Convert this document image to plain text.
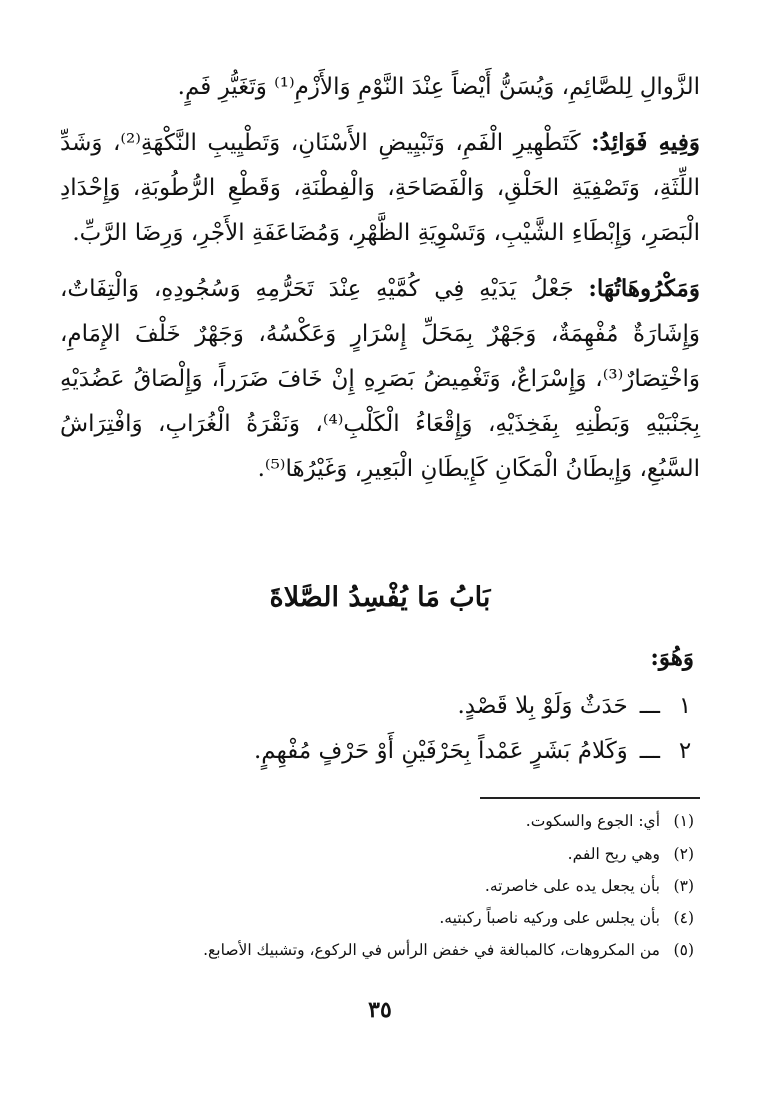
الزَّوالِ لِلصَّائِمِ، وَيُسَنُّ أَيْضاً عِنْدَ النَّوْمِ وَالأَزْمِ⁽¹⁾ وَتَغَيُّرِ فَمٍ.

وَفِيهِ فَوَائِدُ: كَتَطْهِيرِ الْفَمِ، وَتَبْيِيضِ الأَسْنَانِ، وَتَطْيِيبِ النَّكْهَةِ⁽²⁾، وَشَدِّ اللِّثَةِ، وَتَصْفِيَةِ الحَلْقِ، وَالْفَصَاحَةِ، وَالْفِطْنَةِ، وَقَطْعِ الرُّطُوبَةِ، وَإِحْدَادِ الْبَصَرِ، وَإِبْطَاءِ الشَّيْبِ، وَتَسْوِيَةِ الظَّهْرِ، وَمُضَاعَفَةِ الأَجْرِ، وَرِضَا الرَّبِّ.

وَمَكْرُوهَاتُهَا: جَعْلُ يَدَيْهِ فِي كُمَّيْهِ عِنْدَ تَحَرُّمِهِ وَسُجُودِهِ، وَالْتِفَاتٌ، وَإِشَارَةٌ مُفْهِمَةٌ، وَجَهْرٌ بِمَحَلِّ إِسْرَارٍ وَعَكْسُهُ، وَجَهْرٌ خَلْفَ الإِمَامِ، وَاخْتِصَارٌ⁽³⁾، وَإِسْرَاعٌ، وَتَغْمِيضُ بَصَرِهِ إِنْ خَافَ ضَرَراً، وَإِلْصَاقُ عَضُدَيْهِ بِجَنْبَيْهِ وَبَطْنِهِ بِفَخِذَيْهِ، وَإِقْعَاءُ الْكَلْبِ⁽⁴⁾، وَنَقْرَةُ الْغُرَابِ، وَافْتِرَاشُ السَّبُعِ، وَإِيطَانُ الْمَكَانِ كَإِيطَانِ الْبَعِيرِ، وَغَيْرُهَا⁽⁵⁾.

بَابُ مَا يُفْسِدُ الصَّلاةَ
وَهُوَ:
١
ـــ
حَدَثٌ وَلَوْ بِلا قَصْدٍ.
٢
ـــ
وَكَلامُ بَشَرٍ عَمْداً بِحَرْفَيْنِ أَوْ حَرْفٍ مُفْهِمٍ.
(١)
أي: الجوع والسكوت.
(٢)
وهي ريح الفم.
(٣)
بأن يجعل يده على خاصرته.
(٤)
بأن يجلس على وركيه ناصباً ركبتيه.
(٥)
من المكروهات، كالمبالغة في خفض الرأس في الركوع، وتشبيك الأصابع.
٣٥
